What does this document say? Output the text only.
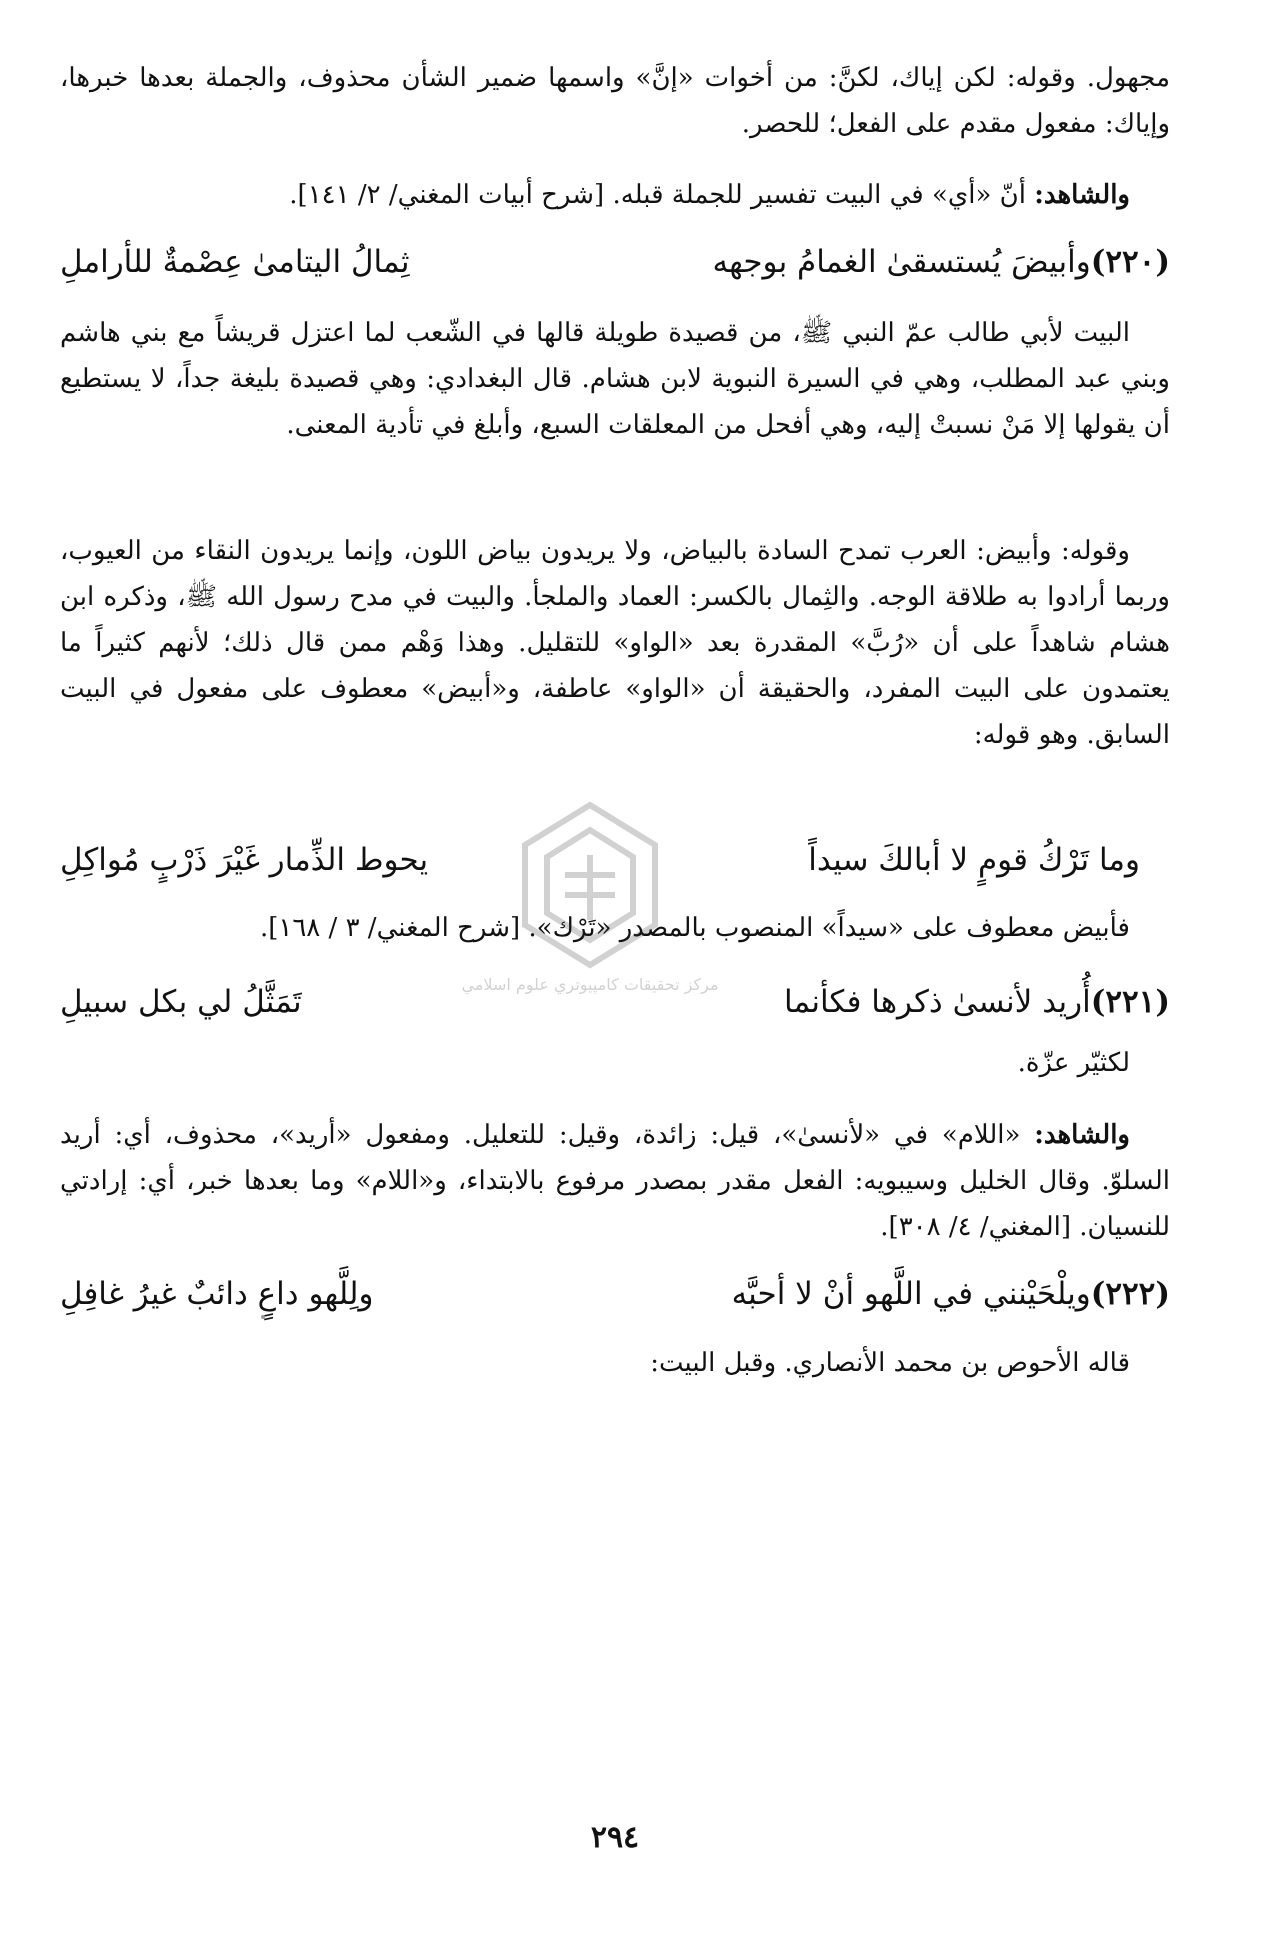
مجهول. وقوله: لكن إياك، لكنَّ: من أخوات «إنَّ» واسمها ضمير الشأن محذوف، والجملة بعدها خبرها، وإياك: مفعول مقدم على الفعل؛ للحصر.

والشاهد: أنّ «أي» في البيت تفسير للجملة قبله. [شرح أبيات المغني/ ٢/ ١٤١].

(٢٢٠)
وأبيضَ يُستسقىٰ الغمامُ بوجهه
ثِمالُ اليتامىٰ عِصْمةٌ للأراملِ

البيت لأبي طالب عمّ النبي ﷺ، من قصيدة طويلة قالها في الشّعب لما اعتزل قريشاً مع بني هاشم وبني عبد المطلب، وهي في السيرة النبوية لابن هشام. قال البغدادي: وهي قصيدة بليغة جداً، لا يستطيع أن يقولها إلا مَنْ نسبتْ إليه، وهي أفحل من المعلقات السبع، وأبلغ في تأدية المعنى.

وقوله: وأبيض: العرب تمدح السادة بالبياض، ولا يريدون بياض اللون، وإنما يريدون النقاء من العيوب، وربما أرادوا به طلاقة الوجه. والثِمال بالكسر: العماد والملجأ. والبيت في مدح رسول الله ﷺ، وذكره ابن هشام شاهداً على أن «رُبَّ» المقدرة بعد «الواو» للتقليل. وهذا وَهْم ممن قال ذلك؛ لأنهم كثيراً ما يعتمدون على البيت المفرد، والحقيقة أن «الواو» عاطفة، و«أبيض» معطوف على مفعول في البيت السابق. وهو قوله:

وما تَرْكُ قومٍ لا أبالكَ سيداً
يحوط الذِّمار غَيْرَ ذَرْبٍ مُواكِلِ

فأبيض معطوف على «سيداً» المنصوب بالمصدر «تَرْك». [شرح المغني/ ٣ / ١٦٨].

(٢٢١)
أُريد لأنسىٰ ذكرها فكأنما
تَمَثَّلُ لي بكل سبيلِ

لكثيّر عزّة.

والشاهد: «اللام» في «لأنسىٰ»، قيل: زائدة، وقيل: للتعليل. ومفعول «أريد»، محذوف، أي: أريد السلوّ. وقال الخليل وسيبويه: الفعل مقدر بمصدر مرفوع بالابتداء، و«اللام» وما بعدها خبر، أي: إرادتي للنسيان. [المغني/ ٤/ ٣٠٨].

(٢٢٢)
ويلْحَيْنني في اللَّهو أنْ لا أحبَّه
ولِلَّهو داعٍ دائبٌ غيرُ غافِلِ

قاله الأحوص بن محمد الأنصاري. وقبل البيت:

٢٩٤
مركز تحقيقات كامپيوتري علوم اسلامي
